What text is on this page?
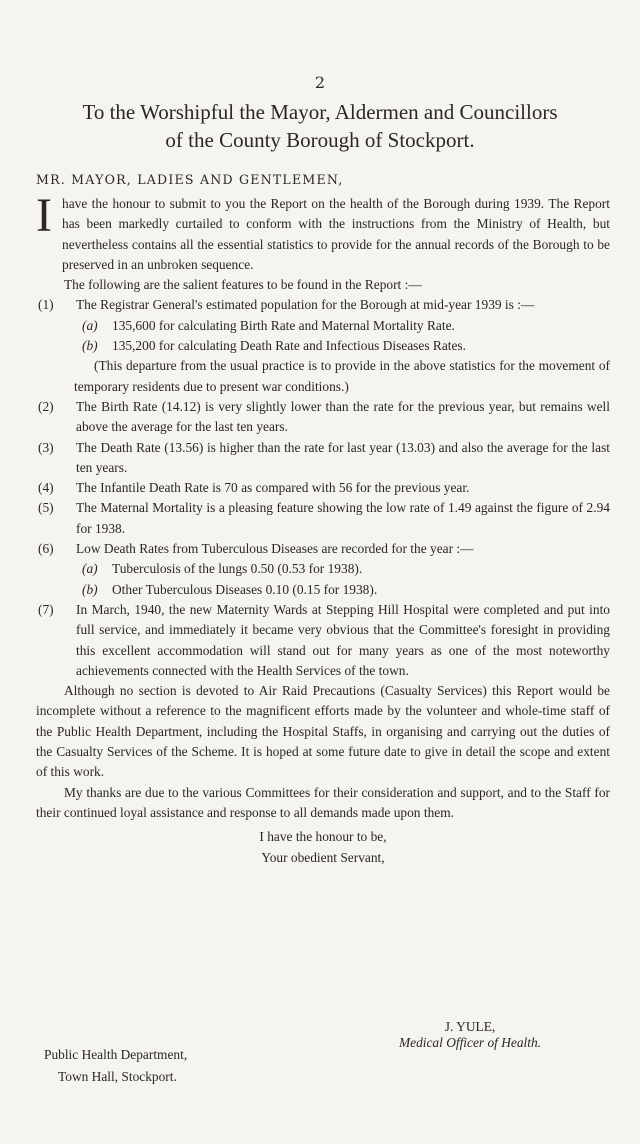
2
To the Worshipful the Mayor, Aldermen and Councillors
of the County Borough of Stockport.
MR. MAYOR, LADIES AND GENTLEMEN,

I have the honour to submit to you the Report on the health of the Borough during 1939. The Report has been markedly curtailed to conform with the instructions from the Ministry of Health, but nevertheless contains all the essential statistics to provide for the annual records of the Borough to be preserved in an unbroken sequence.

The following are the salient features to be found in the Report :—

(1)	The Registrar General's estimated population for the Borough at mid-year 1939 is :—
(a)	135,600 for calculating Birth Rate and Maternal Mortality Rate.
(b)	135,200 for calculating Death Rate and Infectious Diseases Rates.

(This departure from the usual practice is to provide in the above statistics for the movement of temporary residents due to present war conditions.)

(2)	The Birth Rate (14.12) is very slightly lower than the rate for the previous year, but remains well above the average for the last ten years.
(3)	The Death Rate (13.56) is higher than the rate for last year (13.03) and also the average for the last ten years.
(4)	The Infantile Death Rate is 70 as compared with 56 for the previous year.
(5)	The Maternal Mortality is a pleasing feature showing the low rate of 1.49 against the figure of 2.94 for 1938.
(6)	Low Death Rates from Tuberculous Diseases are recorded for the year :—
(a)	Tuberculosis of the lungs 0.50 (0.53 for 1938).
(b)	Other Tuberculous Diseases 0.10 (0.15 for 1938).
(7)	In March, 1940, the new Maternity Wards at Stepping Hill Hospital were completed and put into full service, and immediately it became very obvious that the Committee's foresight in providing this excellent accommodation will stand out for many years as one of the most noteworthy achievements connected with the Health Services of the town.

Although no section is devoted to Air Raid Precautions (Casualty Services) this Report would be incomplete without a reference to the magnificent efforts made by the volunteer and whole-time staff of the Public Health Department, including the Hospital Staffs, in organising and carrying out the duties of the Casualty Services of the Scheme. It is hoped at some future date to give in detail the scope and extent of this work.

My thanks are due to the various Committees for their consideration and support, and to the Staff for their continued loyal assistance and response to all demands made upon them.

I have the honour to be,
Your obedient Servant,
J. YULE,
Medical Officer of Health.
Public Health Department,
Town Hall, Stockport.
